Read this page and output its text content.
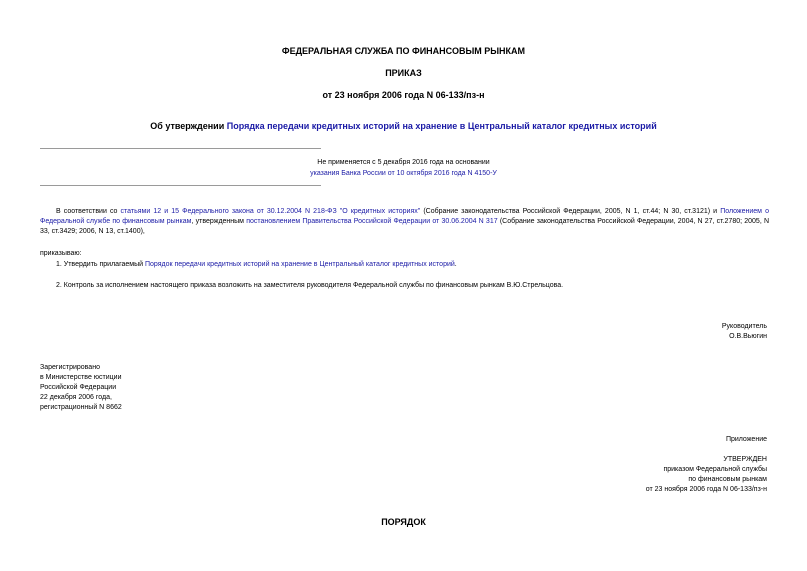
ФЕДЕРАЛЬНАЯ СЛУЖБА ПО ФИНАНСОВЫМ РЫНКАМ
ПРИКАЗ
от 23 ноября 2006 года N 06-133/пз-н
Об утверждении Порядка передачи кредитных историй на хранение в Центральный каталог кредитных историй
Не применяется с 5 декабря 2016 года на основании
указания Банка России от 10 октября 2016 года N 4150-У
В соответствии со статьями 12 и 15 Федерального закона от 30.12.2004 N 218-ФЗ "О кредитных историях" (Собрание законодательства Российской Федерации, 2005, N 1, ст.44; N 30, ст.3121) и Положением о Федеральной службе по финансовым рынкам, утвержденным постановлением Правительства Российской Федерации от 30.06.2004 N 317 (Собрание законодательства Российской Федерации, 2004, N 27, ст.2780; 2005, N 33, ст.3429; 2006, N 13, ст.1400),
приказываю:
1. Утвердить прилагаемый Порядок передачи кредитных историй на хранение в Центральный каталог кредитных историй.
2. Контроль за исполнением настоящего приказа возложить на заместителя руководителя Федеральной службы по финансовым рынкам В.Ю.Стрельцова.
Руководитель
О.В.Вьюгин
Зарегистрировано
в Министерстве юстиции
Российской Федерации
22 декабря 2006 года,
регистрационный N 8662
Приложение
УТВЕРЖДЕН
приказом Федеральной службы
по финансовым рынкам
от 23 ноября 2006 года N 06-133/пз-н
ПОРЯДОК
